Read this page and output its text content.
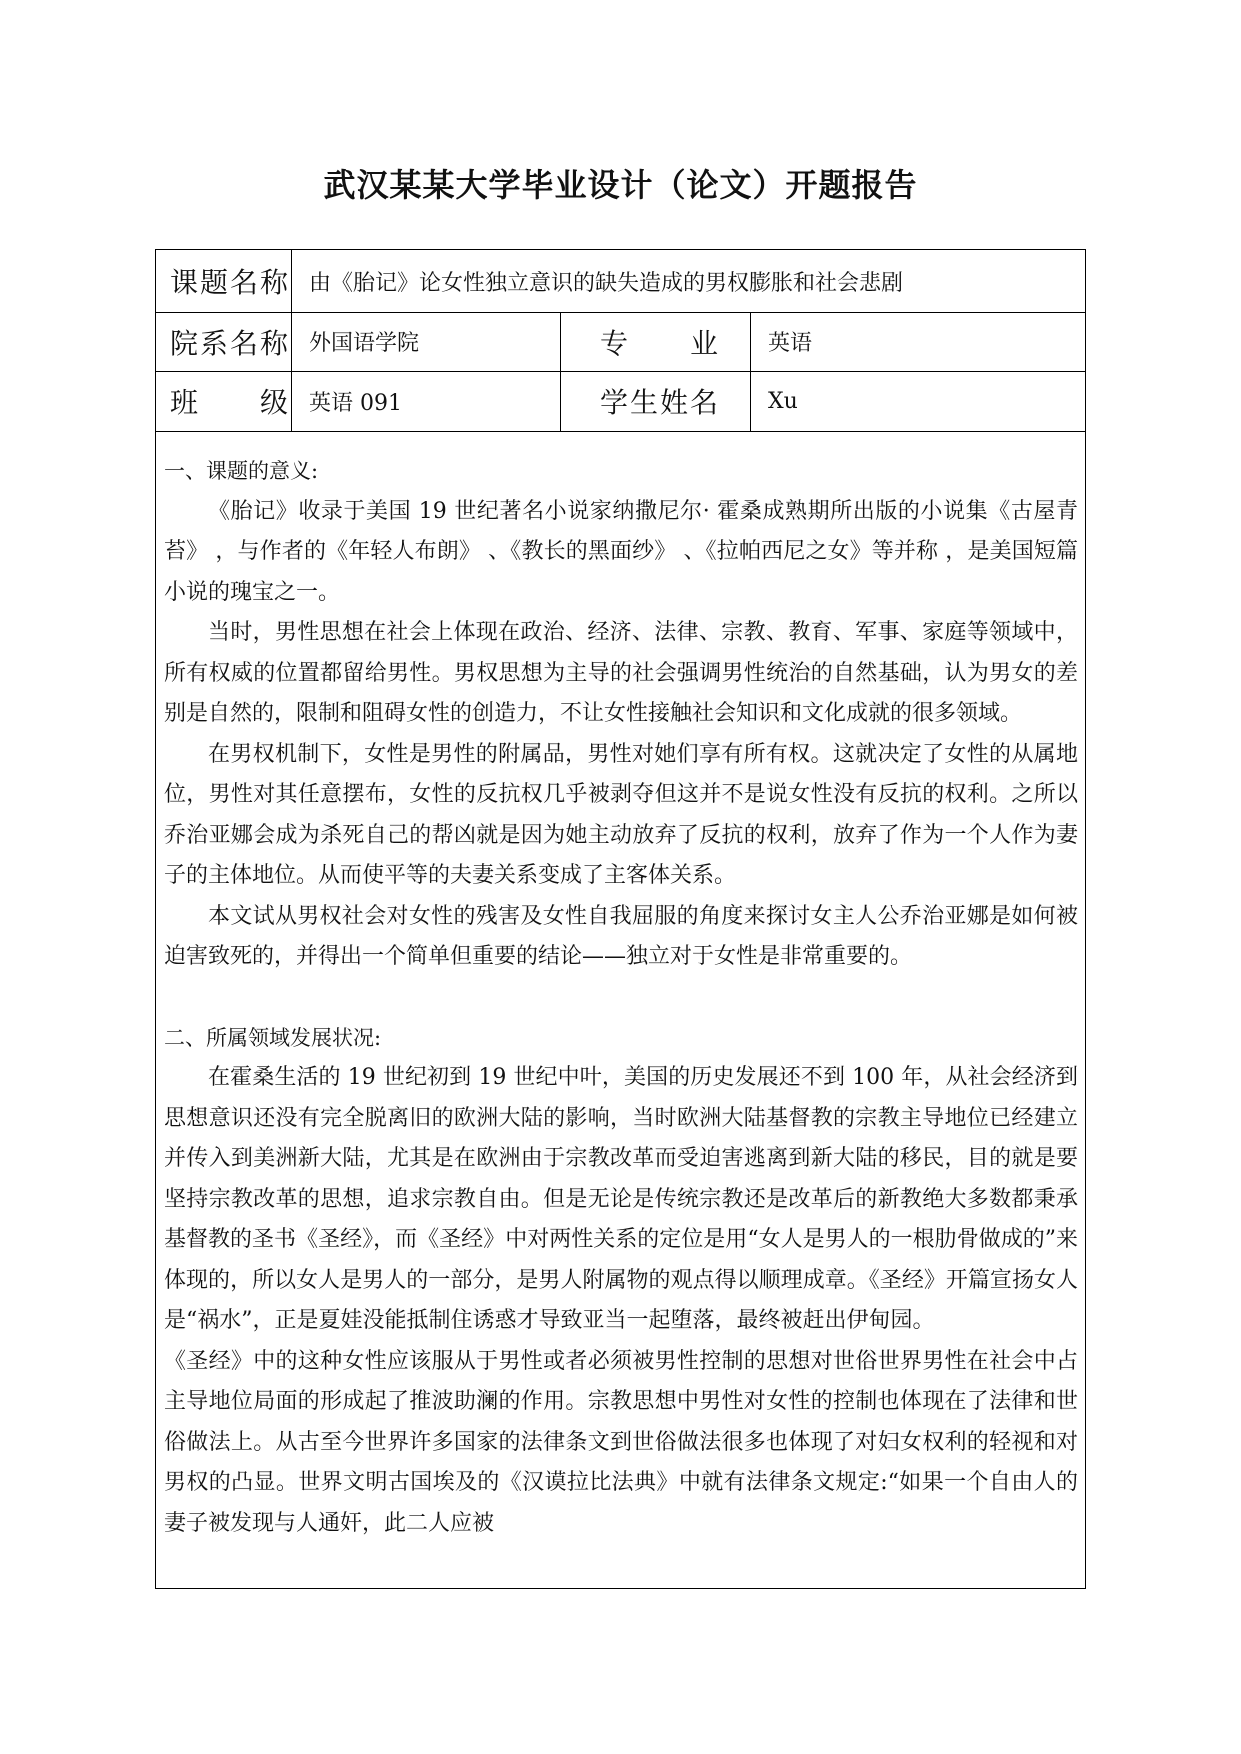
武汉某某大学毕业设计（论文）开题报告
课题名称 由《胎记》论女性独立意识的缺失造成的男权膨胀和社会悲剧
院系名称 外国语学院	专　　业	英语
班　　级 英语 091	学生姓名	Xu

一、课题的意义:

《胎记》收录于美国 19 世纪著名小说家纳撒尼尔· 霍桑成熟期所出版的小说集《古屋青苔》 ，与作者的《年轻人布朗》 、《教长的黑面纱》 、《拉帕西尼之女》等并称 ，是美国短篇小说的瑰宝之一。

当时，男性思想在社会上体现在政治、经济、法律、宗教、教育、军事、家庭等领域中，所有权威的位置都留给男性。男权思想为主导的社会强调男性统治的自然基础，认为男女的差别是自然的，限制和阻碍女性的创造力，不让女性接触社会知识和文化成就的很多领域。

在男权机制下，女性是男性的附属品，男性对她们享有所有权。这就决定了女性的从属地位，男性对其任意摆布，女性的反抗权几乎被剥夺但这并不是说女性没有反抗的权利。之所以乔治亚娜会成为杀死自己的帮凶就是因为她主动放弃了反抗的权利，放弃了作为一个人作为妻子的主体地位。从而使平等的夫妻关系变成了主客体关系。

本文试从男权社会对女性的残害及女性自我屈服的角度来探讨女主人公乔治亚娜是如何被迫害致死的，并得出一个简单但重要的结论——独立对于女性是非常重要的。

二、所属领域发展状况:

在霍桑生活的 19 世纪初到 19 世纪中叶，美国的历史发展还不到 100 年，从社会经济到思想意识还没有完全脱离旧的欧洲大陆的影响，当时欧洲大陆基督教的宗教主导地位已经建立并传入到美洲新大陆，尤其是在欧洲由于宗教改革而受迫害逃离到新大陆的移民，目的就是要坚持宗教改革的思想，追求宗教自由。但是无论是传统宗教还是改革后的新教绝大多数都秉承基督教的圣书《圣经》，而《圣经》中对两性关系的定位是用“女人是男人的一根肋骨做成的”来体现的，所以女人是男人的一部分，是男人附属物的观点得以顺理成章。《圣经》开篇宣扬女人是“祸水”，正是夏娃没能抵制住诱惑才导致亚当一起堕落，最终被赶出伊甸园。

《圣经》中的这种女性应该服从于男性或者必须被男性控制的思想对世俗世界男性在社会中占主导地位局面的形成起了推波助澜的作用。宗教思想中男性对女性的控制也体现在了法律和世俗做法上。从古至今世界许多国家的法律条文到世俗做法很多也体现了对妇女权利的轻视和对男权的凸显。世界文明古国埃及的《汉谟拉比法典》中就有法律条文规定:“如果一个自由人的妻子被发现与人通奸，此二人应被
